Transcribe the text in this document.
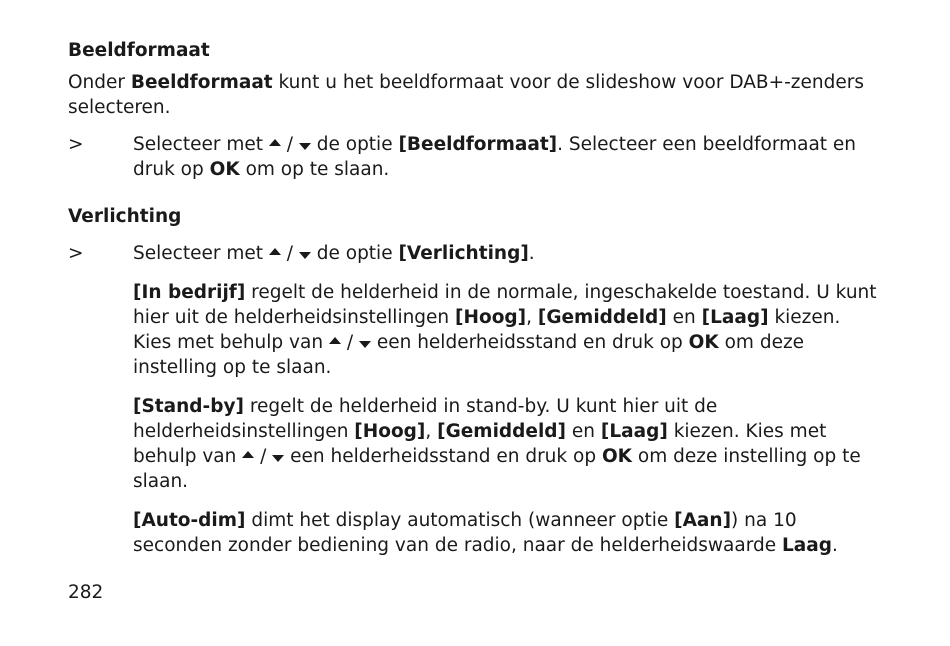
Beeldformaat

Onder Beeldformaat kunt u het beeldformaat voor de slideshow voor DAB+-zenders selecteren.

>	Selecteer met  /  de optie [Beeldformaat]. Selecteer een beeldformaat en druk op OK om op te slaan.

Verlichting

>	Selecteer met  /  de optie [Verlichting].

[In bedrijf] regelt de helderheid in de normale, ingeschakelde toestand. U kunt hier uit de helderheidsinstellingen [Hoog], [Gemiddeld] en [Laag] kiezen. Kies met behulp van  /  een helderheidsstand en druk op OK om deze instelling op te slaan.

[Stand-by] regelt de helderheid in stand-by. U kunt hier uit de helderheidsinstellingen [Hoog], [Gemiddeld] en [Laag] kiezen. Kies met behulp van  /  een helderheidsstand en druk op OK om deze instelling op te slaan.

[Auto-dim] dimt het display automatisch (wanneer optie [Aan]) na 10 seconden zonder bediening van de radio, naar de helderheidswaarde Laag.

282
